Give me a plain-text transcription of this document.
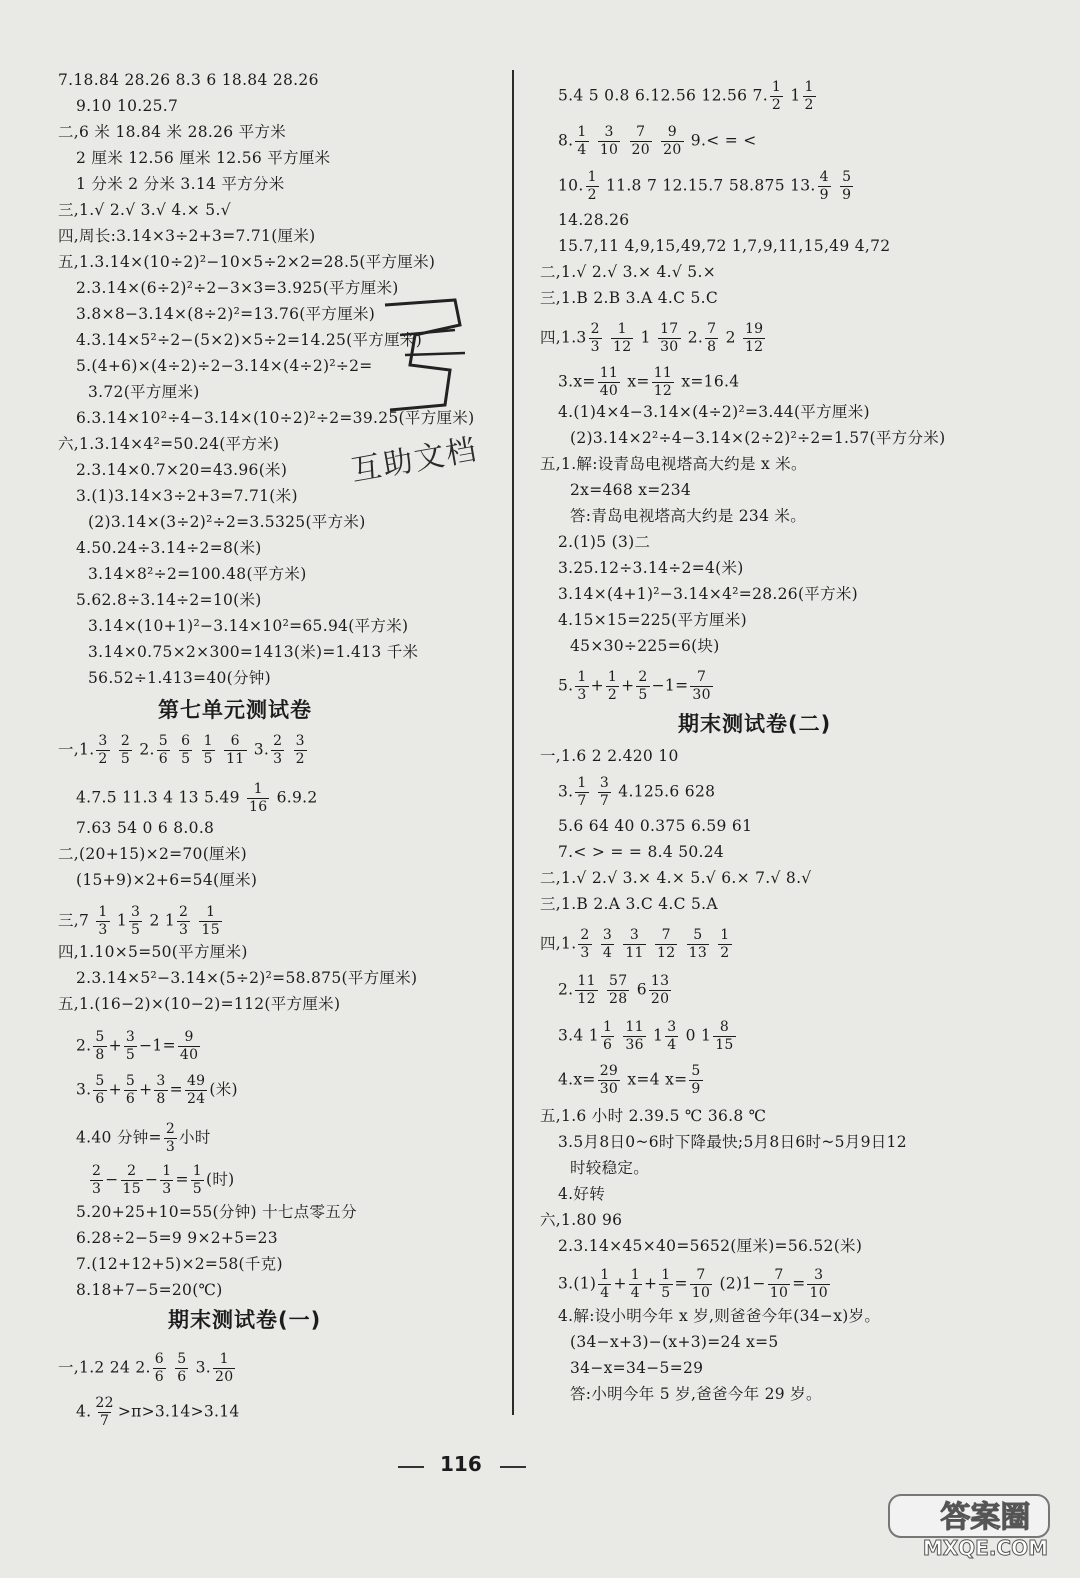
7.18.84 28.26 8.3 6 18.84 28.26
9.10 10.25.7
二,6 米 18.84 米 28.26 平方米
2 厘米 12.56 厘米 12.56 平方厘米
1 分米 2 分米 3.14 平方分米
三,1.√ 2.√ 3.√ 4.× 5.√
四,周长:3.14×3÷2+3=7.71(厘米)
五,1.3.14×(10÷2)²−10×5÷2×2=28.5(平方厘米)
2.3.14×(6÷2)²÷2−3×3=3.925(平方厘米)
3.8×8−3.14×(8÷2)²=13.76(平方厘米)
4.3.14×5²÷2−(5×2)×5÷2=14.25(平方厘米)
5.(4+6)×(4÷2)÷2−3.14×(4÷2)²÷2=
3.72(平方厘米)
6.3.14×10²÷4−3.14×(10÷2)²÷2=39.25(平方厘米)
六,1.3.14×4²=50.24(平方米)
2.3.14×0.7×20=43.96(米)
3.(1)3.14×3÷2+3=7.71(米)
(2)3.14×(3÷2)²÷2=3.5325(平方米)
4.50.24÷3.14÷2=8(米)
3.14×8²÷2=100.48(平方米)
5.62.8÷3.14÷2=10(米)
3.14×(10+1)²−3.14×10²=65.94(平方米)
3.14×0.75×2×300=1413(米)=1.413 千米
56.52÷1.413=40(分钟)
第七单元测试卷
一,1. $\frac{3}{2}$
$\frac{2}{5} 2$. $\frac{5}{6}$
$\frac{6}{5}$
$\frac{1}{5}$
$\frac{6}{11} 3$. $\frac{2}{3}$
$\frac{3}{2}$
4.7.5 11.3 4 13 $5.49 \frac{1}{16} 6.9.2$
7.63 54 0 6 8.0.8
二,(20+15)×2=70(厘米)
(15+9)×2+6=54(厘米)
三$,7 \frac{1}{3} 1 \frac{3}{5} 2$ $1 \frac{2}{3}$
$\frac{1}{15}$
四,1.10×5=50(平方厘米)
2.3.14×5²−3.14×(5÷2)²=58.875(平方厘米)
五,1.(16−2)×(10−2)=112(平方厘米)
2. $\frac{5}{8} + \frac{3}{5} -1= \frac{9}{40}$
3. $\frac{5}{6} + \frac{5}{6} + \frac{3}{8} = \frac{49}{24}$ (米)
4.40 分钟= $\frac{2}{3}$ 小时
$\frac{2}{3} - \frac{2}{15} - \frac{1}{3} = \frac{1}{5}$ (时)
5.20+25+10=55(分钟) 十七点零五分
6.28÷2−5=9 9×2+5=23
7.(12+12+5)×2=58(千克)
8.18+7−5=20(℃)
期末测试卷(一)
一,1.2 24 2. $\frac{6}{6}$
$\frac{5}{6} 3$. $\frac{1}{20}$
4. $\frac{22}{7}$ >π>3.14̇>3.14
5.4 5 0.8 6.12.56 12.56 7. $\frac{1}{2} 1 \frac{1}{2}$
8. $\frac{1}{4}$
$\frac{3}{10}$
$\frac{7}{20}$
$\frac{9}{20} 9.<$ = <
10. $\frac{1}{2} 11.8$ 7 12.15.7 58.875 13. $\frac{4}{9}$
$\frac{5}{9}$
14.28.26
15.7,11 4,9,15,49,72 1,7,9,11,15,49 4,72
二,1.√ 2.√ 3.× 4.√ 5.×
三,1.B 2.B 3.A 4.C 5.C
四$,1.3 \frac{2}{3}$
$\frac{1}{12} 1 \frac{17}{30} 2$. $\frac{7}{8} 2 \frac{19}{12}$
$3.x= \frac{11}{40} x= \frac{11}{12} x=16.4$
4.(1)4×4−3.14×(4÷2)²=3.44(平方厘米)
(2)3.14×2²÷4−3.14×(2÷2)²÷2=1.57(平方分米)
五,1.解:设青岛电视塔高大约是 x 米。
2x=468 x=234
答:青岛电视塔高大约是 234 米。
2.(1)5 (3)二
3.25.12÷3.14÷2=4(米)
3.14×(4+1)²−3.14×4²=28.26(平方米)
4.15×15=225(平方厘米)
45×30÷225=6(块)
5. $\frac{1}{3} + \frac{1}{2} + \frac{2}{5} -1= \frac{7}{30}$
期末测试卷(二)
一,1.6 2 2.420 10
3. $\frac{1}{7}$
$\frac{3}{7} 4.125.6$ 628
5.6 64 40 0.375 6.59 61
7.< > = = 8.4 50.24
二,1.√ 2.√ 3.× 4.× 5.√ 6.× 7.√ 8.√
三,1.B 2.A 3.C 4.C 5.A
四,1. $\frac{2}{3}$
$\frac{3}{4}$
$\frac{3}{11}$
$\frac{7}{12}$
$\frac{5}{13}$
$\frac{1}{2}$
2. $\frac{11}{12}$
$\frac{57}{28} 6 \frac{13}{20}$
3.4 $1 \frac{1}{6}$
$\frac{11}{36} 1 \frac{3}{4} 0$ $1 \frac{8}{15}$
$4.x= \frac{29}{30} x=4$ $x= \frac{5}{9}$
五,1.6 小时 2.39.5 ℃ 36.8 ℃
3.5月8日0~6时下降最快;5月8日6时~5月9日12
时较稳定。
4.好转
六,1.80 96
2.3.14×45×40=5652(厘米)=56.52(米)
$3.(1) \frac{1}{4} + \frac{1}{4} + \frac{1}{5} = \frac{7}{10} (2)1- \frac{7}{10} = \frac{3}{10}$
4.解:设小明今年 x 岁,则爸爸今年(34−x)岁。
(34−x+3)−(x+3)=24 x=5
34−x=34−5=29
答:小明今年 5 岁,爸爸今年 29 岁。
互助文档
116
答案圈
MXQE.COM
